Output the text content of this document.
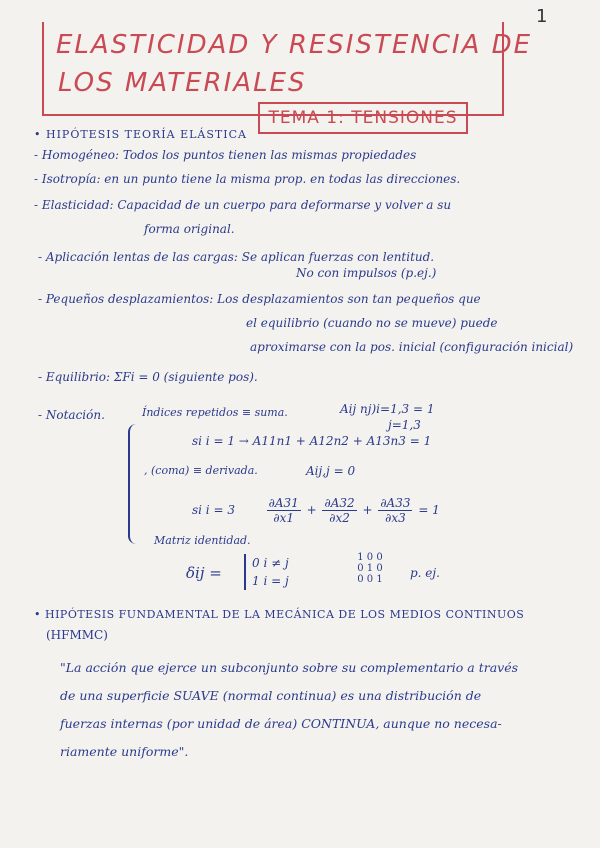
1
ELASTICIDAD Y RESISTENCIA DE
LOS MATERIALES
TEMA 1: TENSIONES
• HIPÓTESIS TEORÍA ELÁSTICA
- Homogéneo: Todos los puntos tienen las mismas propiedades
- Isotropía: en un punto tiene la misma prop. en todas las direcciones.
- Elasticidad: Capacidad de un cuerpo para deformarse y volver a su
forma original.
- Aplicación lentas de las cargas: Se aplican fuerzas con lentitud.
No con impulsos (p.ej.)
- Pequeños desplazamientos: Los desplazamientos son tan pequeños que
el equilibrio (cuando no se mueve) puede
aproximarse con la pos. inicial (configuración inicial)
- Equilibrio: ΣFi = 0 (siguiente pos).
- Notación.	Índices repetidos ≡ suma.	Aij nj)i=1,3 = 1
j=1,3
si i = 1 → A11n1 + A12n2 + A13n3 = 1
, (coma) ≡ derivada.	Aij,j = 0
si i = 3	$\frac{\partial A31}{\partial x1} + \frac{\partial A32}{\partial x2} + \frac{\partial A33}{\partial x3} = 1$
Matriz identidad.
δij =
0 i ≠ j
1 i = j
1 0 0
0 1 0
0 0 1	p. ej.
• HIPÓTESIS FUNDAMENTAL DE LA MECÁNICA DE LOS MEDIOS CONTINUOS
(HFMMC)
"La acción que ejerce un subconjunto sobre su complementario a través
de una superficie SUAVE (normal continua) es una distribución de
fuerzas internas (por unidad de área) CONTINUA, aunque no necesa-
riamente uniforme".
